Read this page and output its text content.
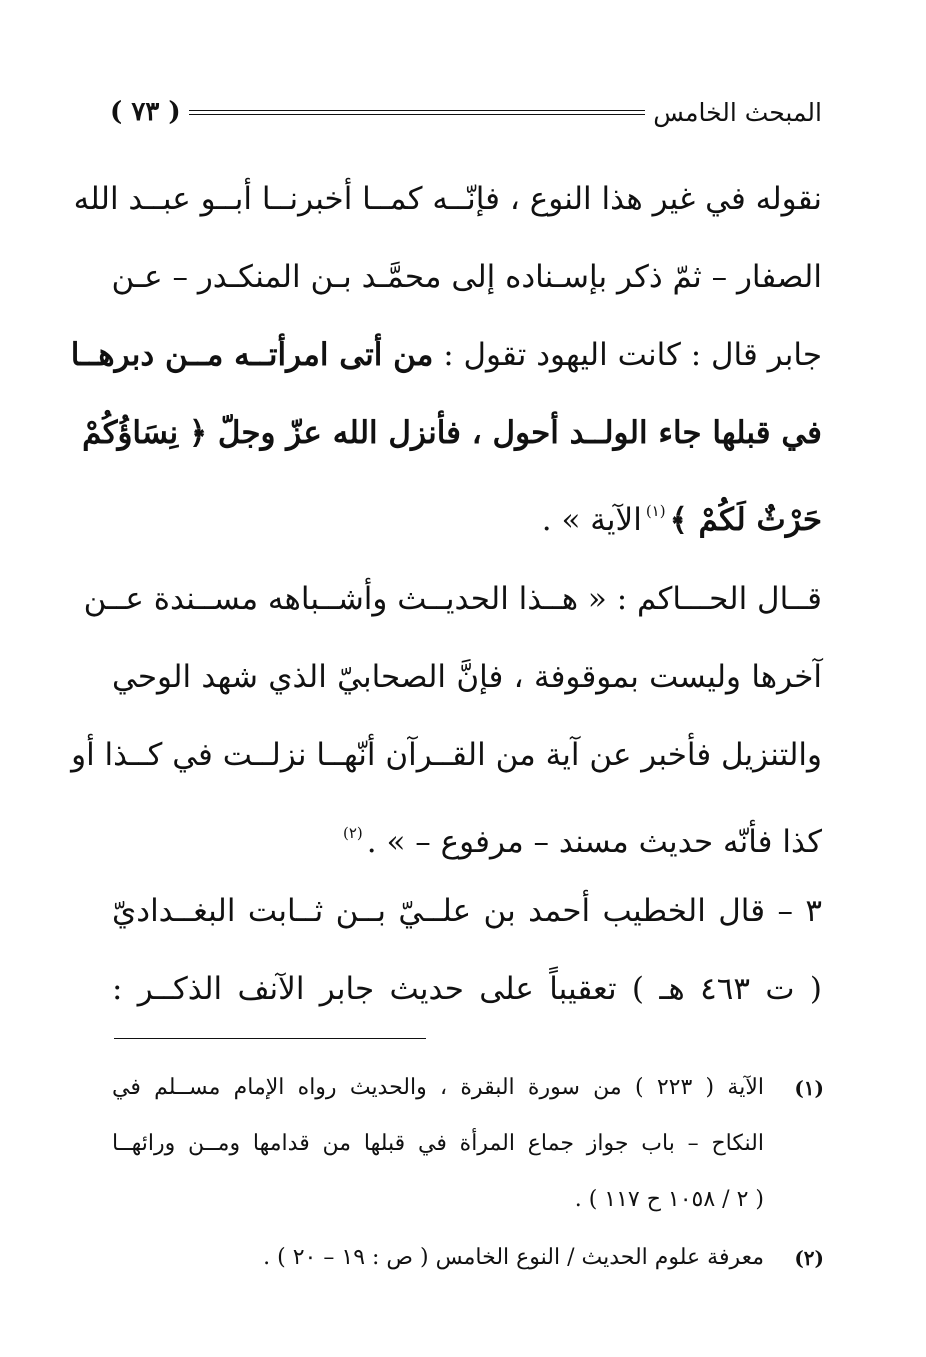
المبحث الخامس
( ٧٣ )
نقوله في غير هذا النوع ، فإنّــه كمــا أخبرنــا أبــو عبــد الله
الصفار – ثمّ ذكر بإسـناده إلى محمَّـد بـن المنكـدر – عـن
جابر قال : كانت اليهود تقول : من أتى امرأتــه مــن دبرهــا
في قبلها جاء الولــد أحول ، فأنزل الله عزّ وجلّ ﴿ نِسَاؤُكُمْ
حَرْثٌ لَكُمْ ﴾$^{(١)}$الآية » .
قــال الحـــاكم : « هــذا الحديــث وأشــباهه مســندة عــن
آخرها وليست بموقوفة ، فإنَّ الصحابيّ الذي شهد الوحي
والتنزيل فأخبر عن آية من القــرآن أنّهــا نزلــت في كــذا أو
كذا فأنّه حديث مسند – مرفوع – » .$^{(٢)}$
٣ – قال الخطيب أحمد بن علــيّ بــن ثــابت البغــداديّ
( ت ٤٦٣ هـ ) تعقيباً على حديث جابر الآنف الذكــر :
(١)
الآية ( ٢٢٣ ) من سورة البقرة ، والحديث رواه الإمام مســلم في
النكاح – باب جواز جماع المرأة في قبلها من قدامها ومــن ورائهــا
( ٢ / ١٠٥٨ ح ١١٧ ) .
(٢)
معرفة علوم الحديث / النوع الخامس ( ص : ١٩ – ٢٠ ) .
